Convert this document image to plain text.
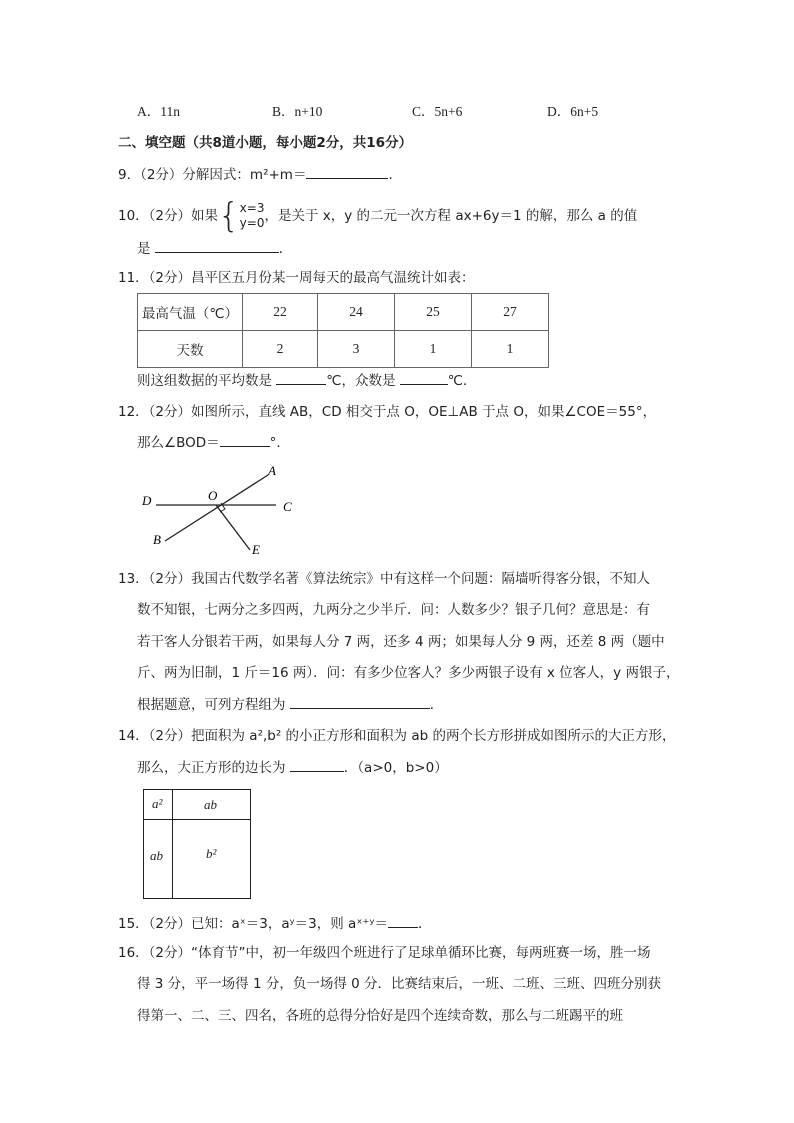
A．11n	B．n+10	C．5n+6	D．6n+5
二、填空题（共8道小题，每小题2分，共16分）
9．（2分）分解因式：m²+m＝	．
10．（2分）如果{ x=3
y=0 ，是关于 x，y 的二元一次方程 ax+6y＝1 的解，那么 a 的值
是	．
11．（2分）昌平区五月份某一周每天的最高气温统计如表：
最高气温（℃）	22	24	25	27
天数	2	3	1	1
则这组数据的平均数是	℃，众数是	℃．
12．（2分）如图所示，直线 AB，CD 相交于点 O，OE⊥AB 于点 O，如果∠COE＝55°，
那么∠BOD＝	°．
A
B
C
D
E
O
13．（2分）我国古代数学名著《算法统宗》中有这样一个问题：隔墙听得客分银，不知人
数不知银，七两分之多四两，九两分之少半斤．问：人数多少？银子几何？意思是：有
若干客人分银若干两，如果每人分 7 两，还多 4 两；如果每人分 9 两，还差 8 两（题中
斤、两为旧制，1 斤＝16 两）．问：有多少位客人？多少两银子设有 x 位客人，y 两银子，
根据题意，可列方程组为	．
14．（2分）把面积为 a²,b² 的小正方形和面积为 ab 的两个长方形拼成如图所示的大正方形，
那么，大正方形的边长为	．（a>0，b>0）
a²	ab
ab	b²
15．（2分）已知：aˣ＝3，aʸ＝3，则 aˣ⁺ʸ＝ ．
16．（2分）“体育节”中，初一年级四个班进行了足球单循环比赛，每两班赛一场，胜一场
得 3 分，平一场得 1 分，负一场得 0 分．比赛结束后，一班、二班、三班、四班分别获
得第一、二、三、四名，各班的总得分恰好是四个连续奇数，那么与二班踢平的班
